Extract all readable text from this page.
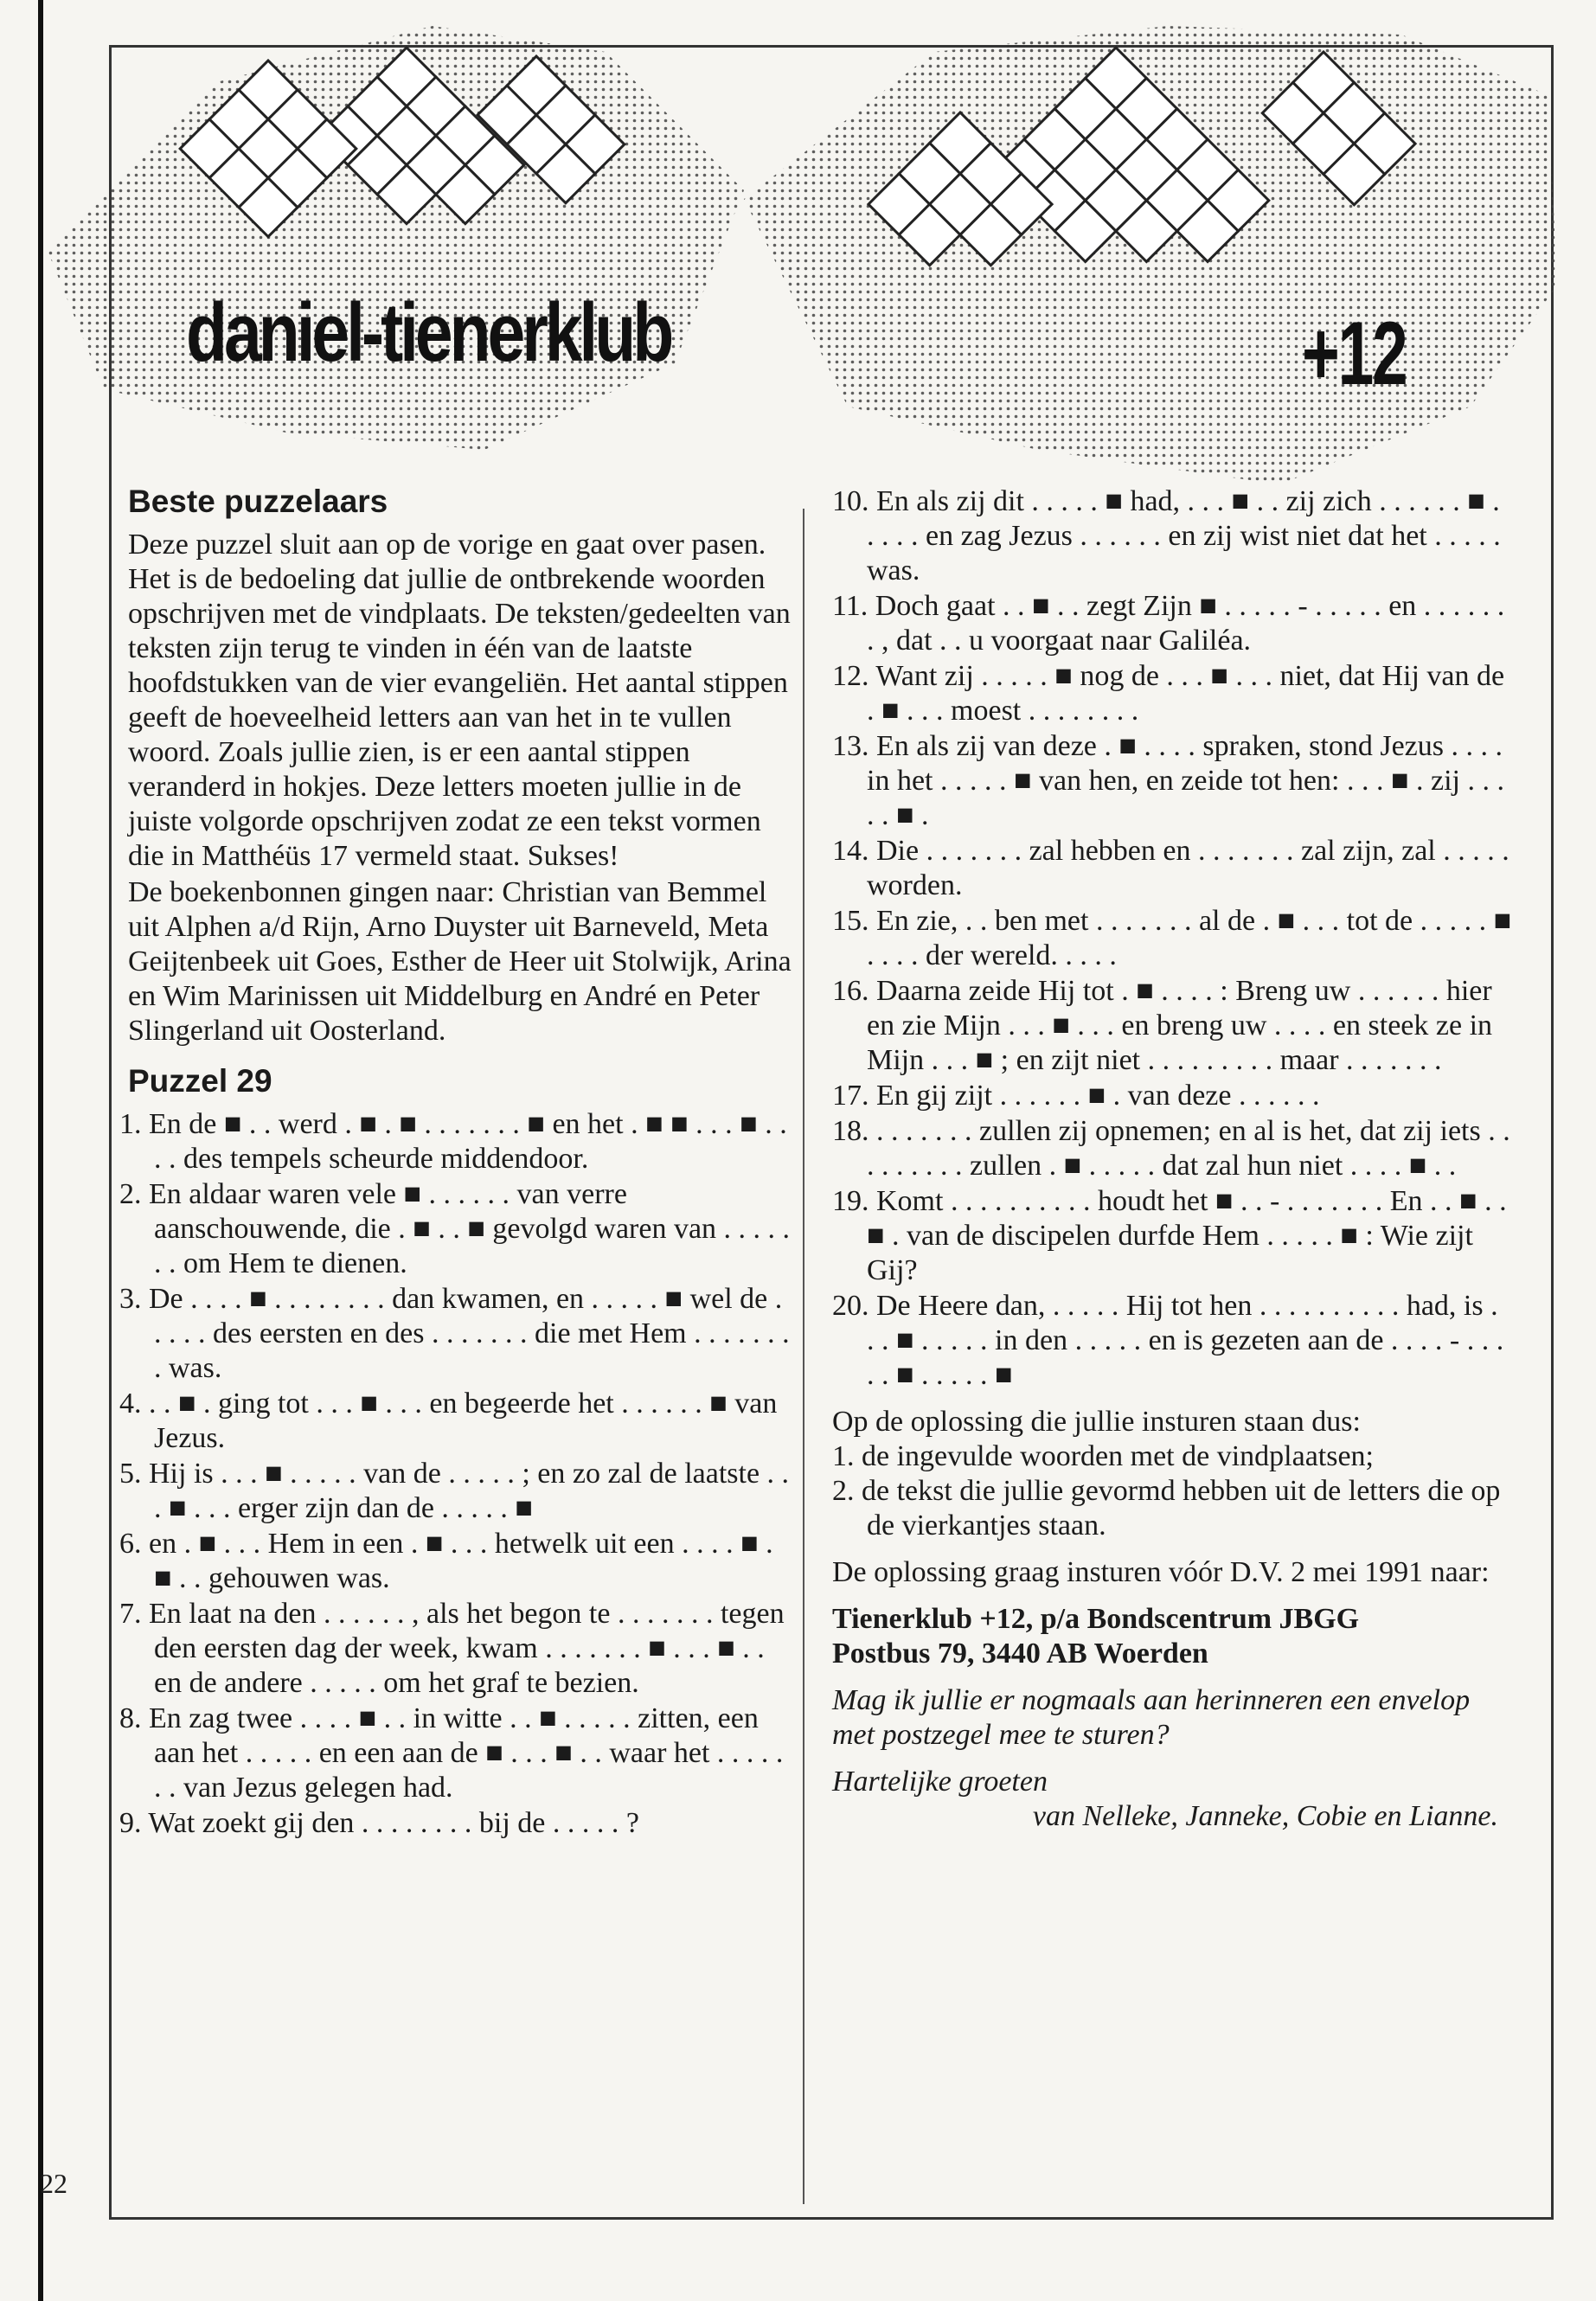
daniel-tienerklub	+12
Beste puzzelaars

Deze puzzel sluit aan op de vorige en gaat over pasen. Het is de bedoeling dat jullie de ontbrekende woorden opschrijven met de vindplaats. De teksten/gedeelten van teksten zijn terug te vinden in één van de laatste hoofdstukken van de vier evangeliën. Het aantal stippen geeft de hoeveelheid letters aan van het in te vullen woord. Zoals jullie zien, is er een aantal stippen veranderd in hokjes. Deze letters moeten jullie in de juiste volgorde opschrijven zodat ze een tekst vormen die in Matthéüs 17 vermeld staat. Sukses!

De boekenbonnen gingen naar: Christian van Bemmel uit Alphen a/d Rijn, Arno Duyster uit Barneveld, Meta Geijtenbeek uit Goes, Esther de Heer uit Stolwijk, Arina en Wim Marinissen uit Middelburg en André en Peter Slingerland uit Oosterland.

Puzzel 29
1. En de ■ . . werd . ■ . ■ . . . . . . . ■ en het . ■ ■ . . . ■ . . . . des tempels scheurde middendoor.
2. En aldaar waren vele ■ . . . . . . van verre aanschouwende, die . ■ . . ■ gevolgd waren van . . . . . . . om Hem te dienen.
3. De . . . . ■ . . . . . . . . dan kwamen, en . . . . . ■ wel de . . . . . des eersten en des . . . . . . . die met Hem . . . . . . . . was.
4. . . ■ . ging tot . . . ■ . . . en begeerde het . . . . . . ■ van Jezus.
5. Hij is . . . ■ . . . . . van de . . . . . ; en zo zal de laatste . . . ■ . . . erger zijn dan de . . . . . ■
6. en . ■ . . . Hem in een . ■ . . . hetwelk uit een . . . . ■ . ■ . . gehouwen was.
7. En laat na den . . . . . . , als het begon te . . . . . . . tegen den eersten dag der week, kwam . . . . . . . ■ . . . ■ . . en de andere . . . . . om het graf te bezien.
8. En zag twee . . . . ■ . . in witte . . ■ . . . . . zitten, een aan het . . . . . en een aan de ■ . . . ■ . . waar het . . . . . . . van Jezus gelegen had.
9. Wat zoekt gij den . . . . . . . . bij de . . . . . ?
10. En als zij dit . . . . . ■ had, . . . ■ . . zij zich . . . . . . ■ . . . . . en zag Jezus . . . . . . en zij wist niet dat het . . . . . was.
11. Doch gaat . . ■ . . zegt Zijn ■ . . . . . - . . . . . en . . . . . . . , dat . . u voorgaat naar Galiléa.
12. Want zij . . . . . ■ nog de . . . ■ . . . niet, dat Hij van de . ■ . . . moest . . . . . . . .
13. En als zij van deze . ■ . . . . spraken, stond Jezus . . . . in het . . . . . ■ van hen, en zeide tot hen: . . . ■ . zij . . . . . ■ .
14. Die . . . . . . . zal hebben en . . . . . . . zal zijn, zal . . . . . worden.
15. En zie, . . ben met . . . . . . . al de . ■ . . . tot de . . . . . ■ . . . . der wereld. . . . .
16. Daarna zeide Hij tot . ■ . . . . : Breng uw . . . . . . hier en zie Mijn . . . ■ . . . en breng uw . . . . en steek ze in Mijn . . . ■ ; en zijt niet . . . . . . . . . maar . . . . . . .
17. En gij zijt . . . . . . ■ . van deze . . . . . .
18. . . . . . . . zullen zij opnemen; en al is het, dat zij iets . . . . . . . . . zullen . ■ . . . . . dat zal hun niet . . . . ■ . .
19. Komt . . . . . . . . . . houdt het ■ . . - . . . . . . . En . . ■ . . ■ . van de discipelen durfde Hem . . . . . ■ : Wie zijt Gij?
20. De Heere dan, . . . . . Hij tot hen . . . . . . . . . . had, is . . . ■ . . . . . in den . . . . . en is gezeten aan de . . . . - . . . . . ■ . . . . . ■
Op de oplossing die jullie insturen staan dus:
1. de ingevulde woorden met de vindplaatsen;
2. de tekst die jullie gevormd hebben uit de letters die op de vierkantjes staan.
De oplossing graag insturen vóór D.V. 2 mei 1991 naar:
Tienerklub +12, p/a Bondscentrum JBGG
Postbus 79, 3440 AB Woerden
Mag ik jullie er nogmaals aan herinneren een envelop met postzegel mee te sturen?
Hartelijke groeten
van Nelleke, Janneke, Cobie en Lianne.
22
